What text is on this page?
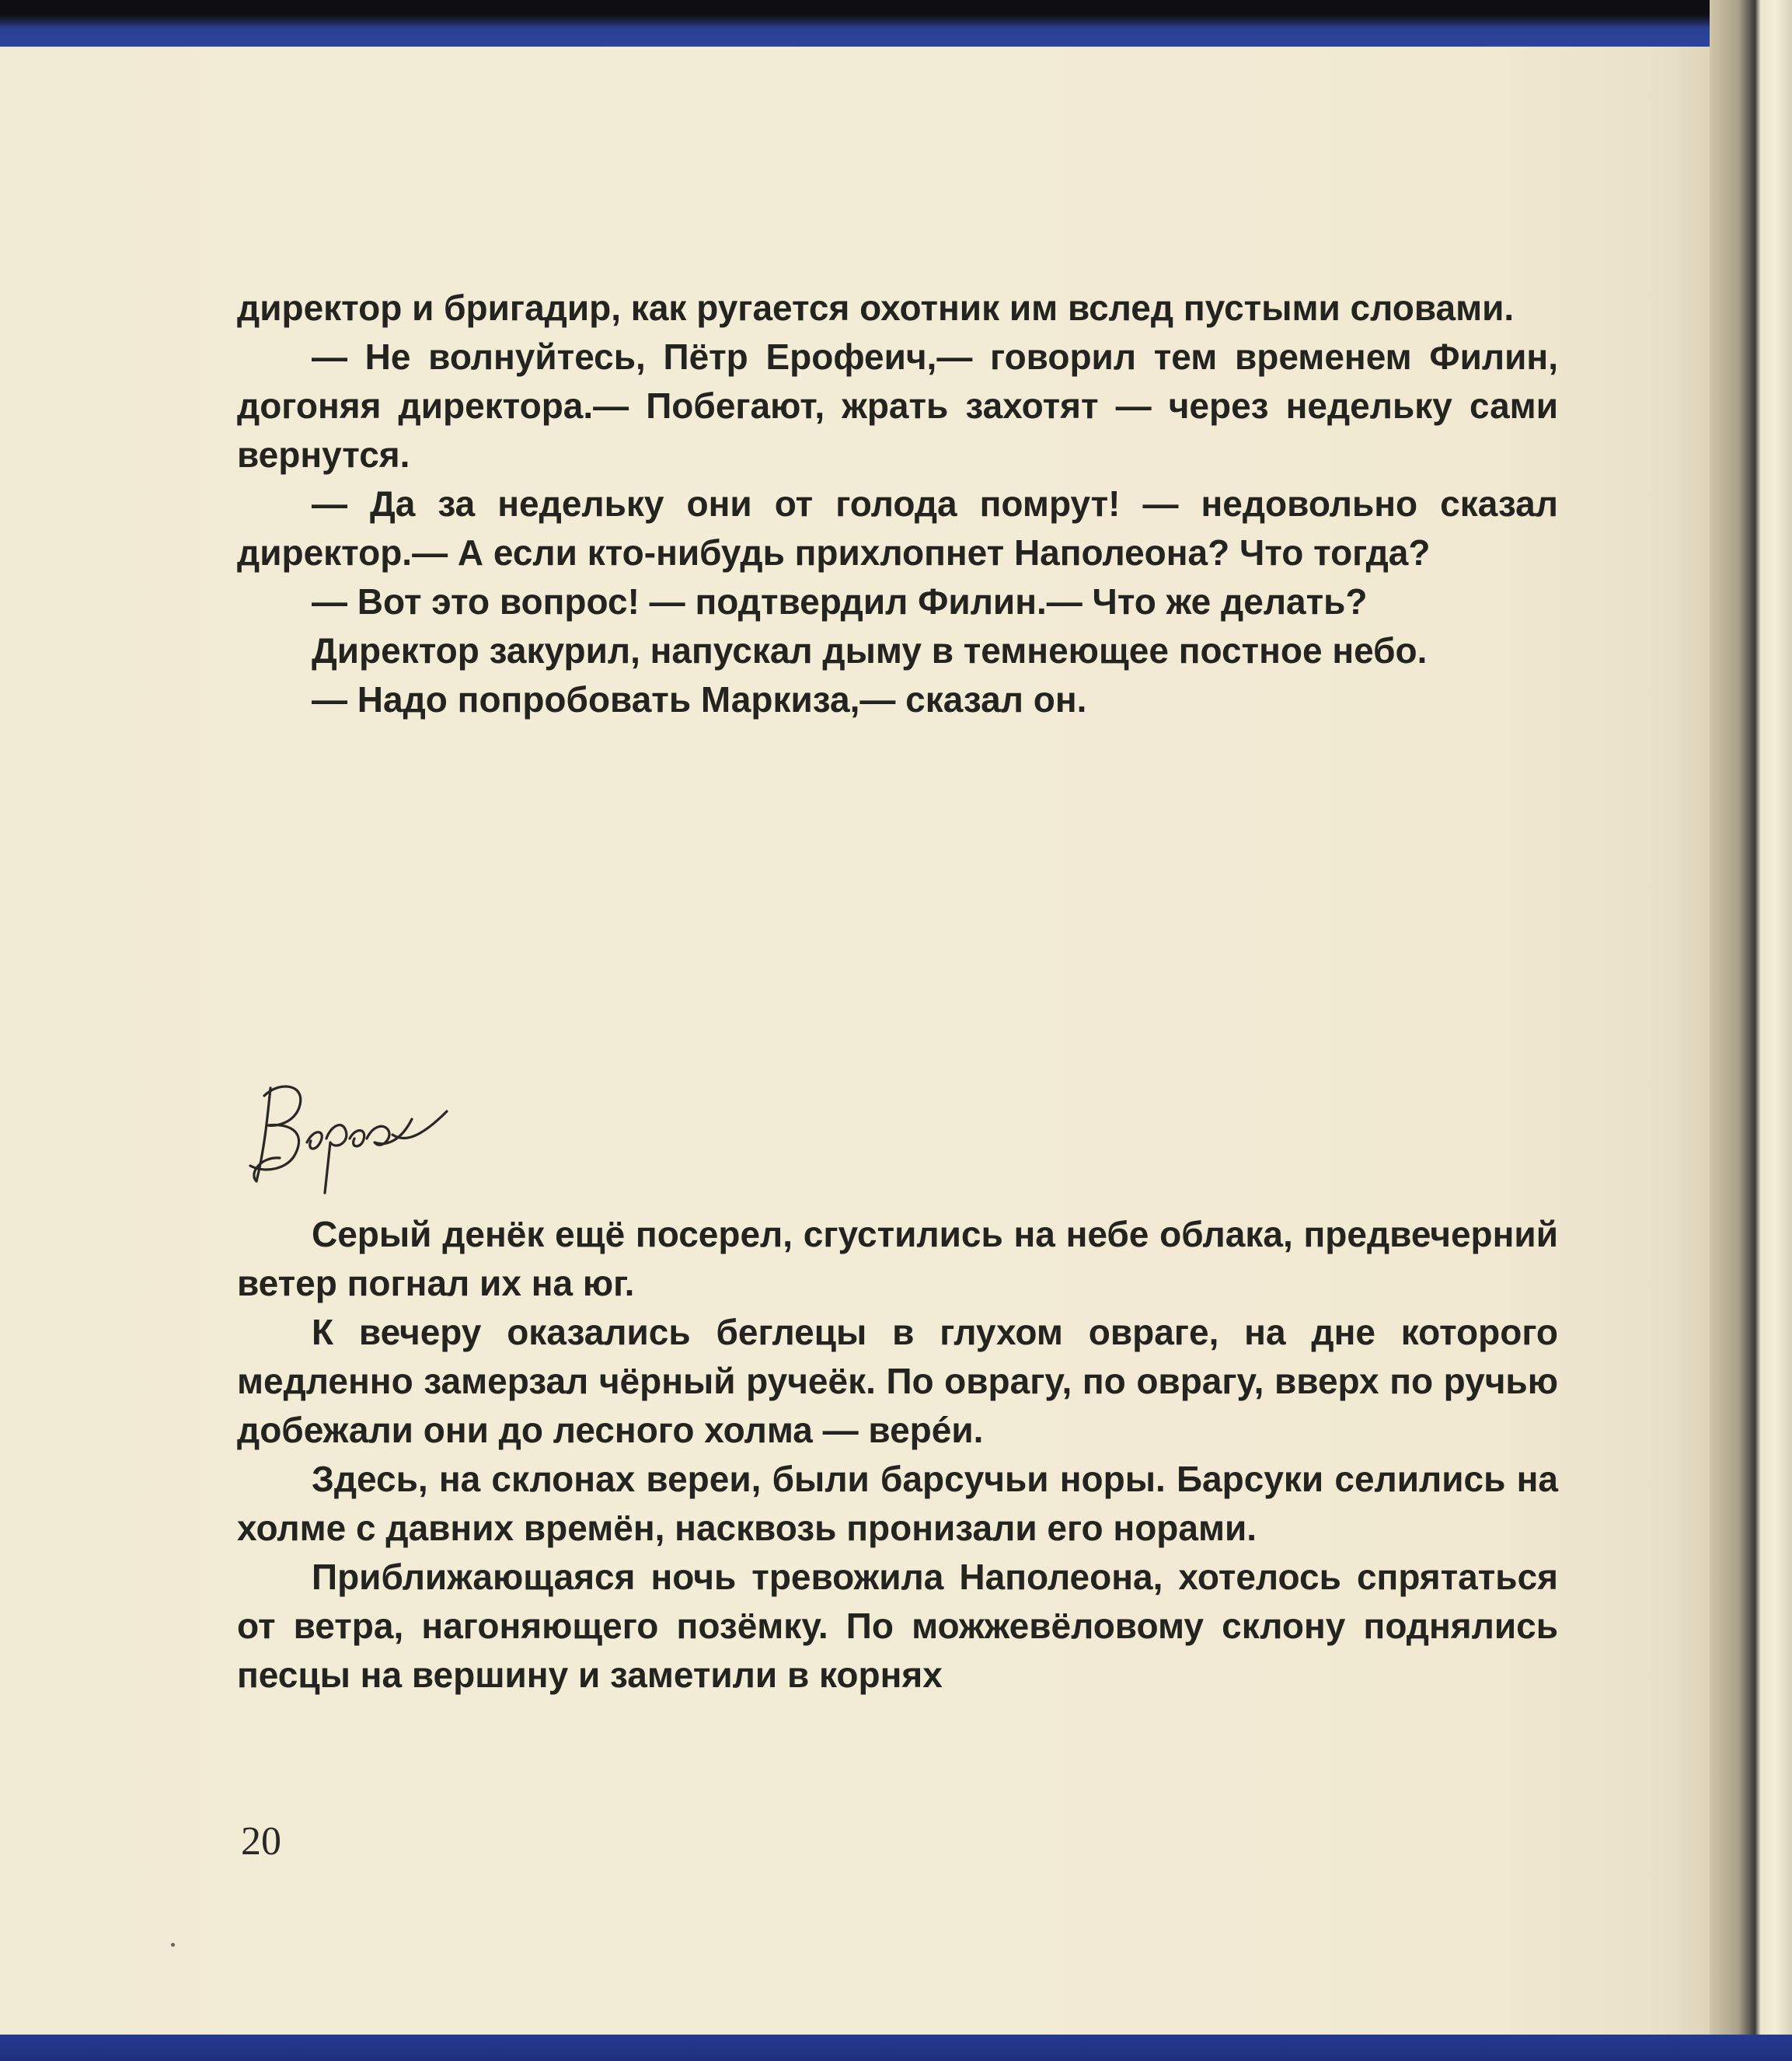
директор и бригадир, как ругается охотник им вслед пустыми словами.

— Не волнуйтесь, Пётр Ерофеич,— говорил тем временем Филин, догоняя директора.— Побегают, жрать захотят — через недельку сами вернутся.

— Да за недельку они от голода помрут! — недовольно сказал директор.— А если кто-нибудь прихлопнет Наполеона? Что тогда?

— Вот это вопрос! — подтвердил Филин.— Что же делать?

Директор закурил, напускал дыму в темнеющее постное небо.

— Надо попробовать Маркиза,— сказал он.

Серый денёк ещё посерел, сгустились на небе облака, предвечерний ветер погнал их на юг.

К вечеру оказались беглецы в глухом овраге, на дне которого медленно замерзал чёрный ручеёк. По оврагу, по оврагу, вверх по ручью добежали они до лесного холма — верéи.

Здесь, на склонах вереи, были барсучьи норы. Барсуки селились на холме с давних времён, насквозь пронизали его норами.

Приближающаяся ночь тревожила Наполеона, хотелось спрятаться от ветра, нагоняющего позёмку. По можжевёловому склону поднялись песцы на вершину и заметили в корнях

20
